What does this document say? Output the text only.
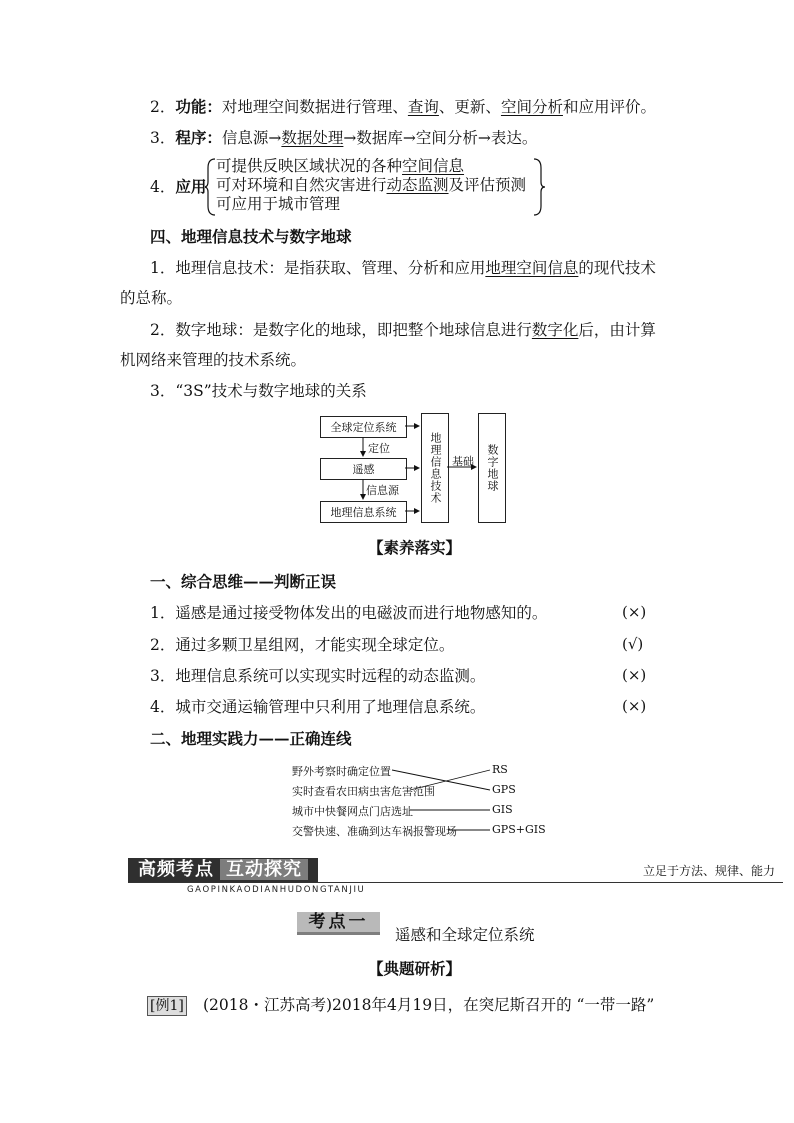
2．功能：对地理空间数据进行管理、查询、更新、空间分析和应用评价。
3．程序：信息源→数据处理→数据库→空间分析→表达。
4．应用
可提供反映区域状况的各种空间信息
可对环境和自然灾害进行动态监测及评估预测
可应用于城市管理
四、地理信息技术与数字地球
1．地理信息技术：是指获取、管理、分析和应用地理空间信息的现代技术
的总称。
2．数字地球：是数字化的地球，即把整个地球信息进行数字化后，由计算
机网络来管理的技术系统。
3．“3S”技术与数字地球的关系
全球定位系统
遥感
地理信息系统
地理信息技术	数字地球
定位
信息源
基础
【素养落实】
一、综合思维——判断正误
1．遥感是通过接受物体发出的电磁波而进行地物感知的。	(×)
2．通过多颗卫星组网，才能实现全球定位。	(√)
3．地理信息系统可以实现实时远程的动态监测。	(×)
4．城市交通运输管理中只利用了地理信息系统。	(×)
二、地理实践力——正确连线
野外考察时确定位置
实时查看农田病虫害危害范围
城市中快餐网点门店选址
交警快速、准确到达车祸报警现场
RS
GPS
GIS
GPS+GIS
高频考点 互动探究	立足于方法、规律、能力
GAOPINKAODIANHUDONGTANJIU
考点一
遥感和全球定位系统
【典题研析】
[例1] (2018・江苏高考)2018年4月19日，在突尼斯召开的 “一带一路”
